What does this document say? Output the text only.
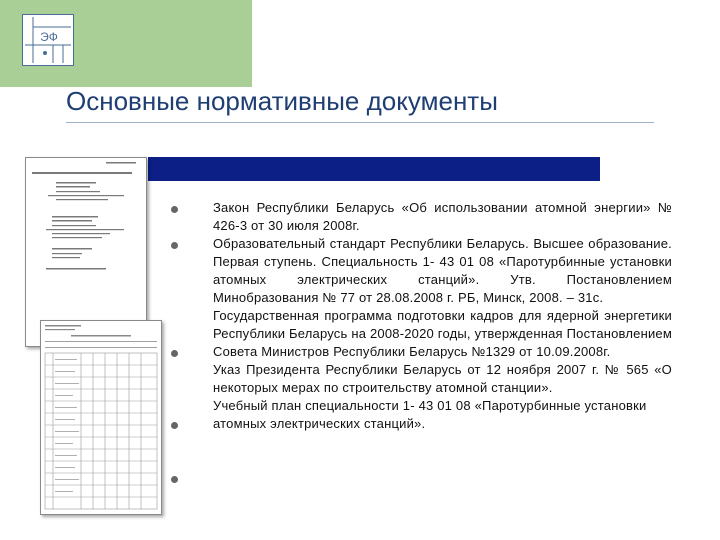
ЭФ
Основные нормативные документы
Закон Республики Беларусь «Об использовании атомной энергии» № 426-3 от 30 июля 2008г.
Образовательный стандарт Республики Беларусь. Высшее образование. Первая ступень. Специальность 1- 43 01 08 «Паротурбинные установки атомных электрических станций». Утв. Постановлением Минобразования № 77 от 28.08.2008 г. РБ, Минск, 2008. – 31с.
Государственная программа подготовки кадров для ядерной энергетики Республики Беларусь на 2008-2020 годы, утвержденная Постановлением Совета Министров Республики Беларусь №1329 от 10.09.2008г.
Указ Президента Республики Беларусь от 12 ноября 2007 г. № 565 «О некоторых мерах по строительству атомной станции».
Учебный план специальности 1- 43 01 08 «Паротурбинные установки атомных электрических станций».
